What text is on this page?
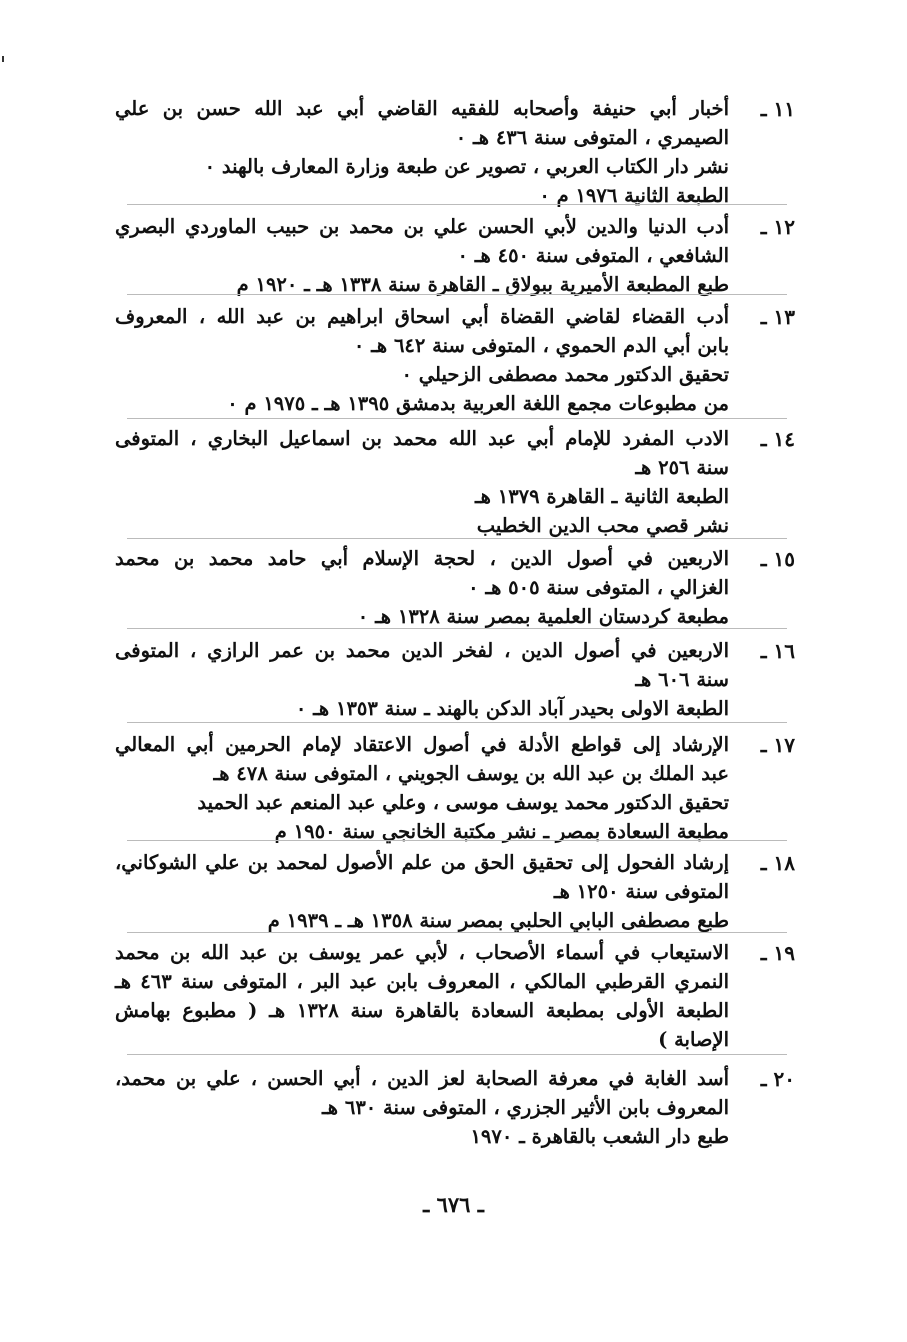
١١ ـ
أخبار أبي حنيفة وأصحابه للفقيه القاضي أبي عبد الله حسن بن علي
الصيمري ، المتوفى سنة ٤٣٦ هـ ٠
نشر دار الكتاب العربي ، تصوير عن طبعة وزارة المعارف بالهند ٠
الطبعة الثانية ١٩٧٦ م ٠
١٢ ـ
أدب الدنيا والدين لأبي الحسن علي بن محمد بن حبيب الماوردي البصري
الشافعي ، المتوفى سنة ٤٥٠ هـ ٠
طبع المطبعة الأميرية ببولاق ـ القاهرة سنة ١٣٣٨ هـ ـ ١٩٢٠ م
١٣ ـ
أدب القضاء لقاضي القضاة أبي اسحاق ابراهيم بن عبد الله ، المعروف
بابن أبي الدم الحموي ، المتوفى سنة ٦٤٢ هـ ٠
تحقيق الدكتور محمد مصطفى الزحيلي ٠
من مطبوعات مجمع اللغة العربية بدمشق ١٣٩٥ هـ ـ ١٩٧٥ م ٠
١٤ ـ
الادب المفرد للإمام أبي عبد الله محمد بن اسماعيل البخاري ، المتوفى
سنة ٢٥٦ هـ
الطبعة الثانية ـ القاهرة ١٣٧٩ هـ
نشر قصي محب الدين الخطيب
١٥ ـ
الاربعين في أصول الدين ، لحجة الإسلام أبي حامد محمد بن محمد
الغزالي ، المتوفى سنة ٥٠٥ هـ ٠
مطبعة كردستان العلمية بمصر سنة ١٣٢٨ هـ ٠
١٦ ـ
الاربعين في أصول الدين ، لفخر الدين محمد بن عمر الرازي ، المتوفى
سنة ٦٠٦ هـ
الطبعة الاولى بحيدر آباد الدكن بالهند ـ سنة ١٣٥٣ هـ ٠
١٧ ـ
الإرشاد إلى قواطع الأدلة في أصول الاعتقاد لإمام الحرمين أبي المعالي
عبد الملك بن عبد الله بن يوسف الجويني ، المتوفى سنة ٤٧٨ هـ
تحقيق الدكتور محمد يوسف موسى ، وعلي عبد المنعم عبد الحميد
مطبعة السعادة بمصر ـ نشر مكتبة الخانجي سنة ١٩٥٠ م
١٨ ـ
إرشاد الفحول إلى تحقيق الحق من علم الأصول لمحمد بن علي الشوكاني،
المتوفى سنة ١٢٥٠ هـ
طبع مصطفى البابي الحلبي بمصر سنة ١٣٥٨ هـ ـ ١٩٣٩ م
١٩ ـ
الاستيعاب في أسماء الأصحاب ، لأبي عمر يوسف بن عبد الله بن محمد
النمري القرطبي المالكي ، المعروف بابن عبد البر ، المتوفى سنة ٤٦٣ هـ
الطبعة الأولى بمطبعة السعادة بالقاهرة سنة ١٣٢٨ هـ ( مطبوع بهامش
الإصابة )
٢٠ ـ
أسد الغابة في معرفة الصحابة لعز الدين ، أبي الحسن ، علي بن محمد،
المعروف بابن الأثير الجزري ، المتوفى سنة ٦٣٠ هـ
طبع دار الشعب بالقاهرة ـ ١٩٧٠
ـ ٦٧٦ ـ
